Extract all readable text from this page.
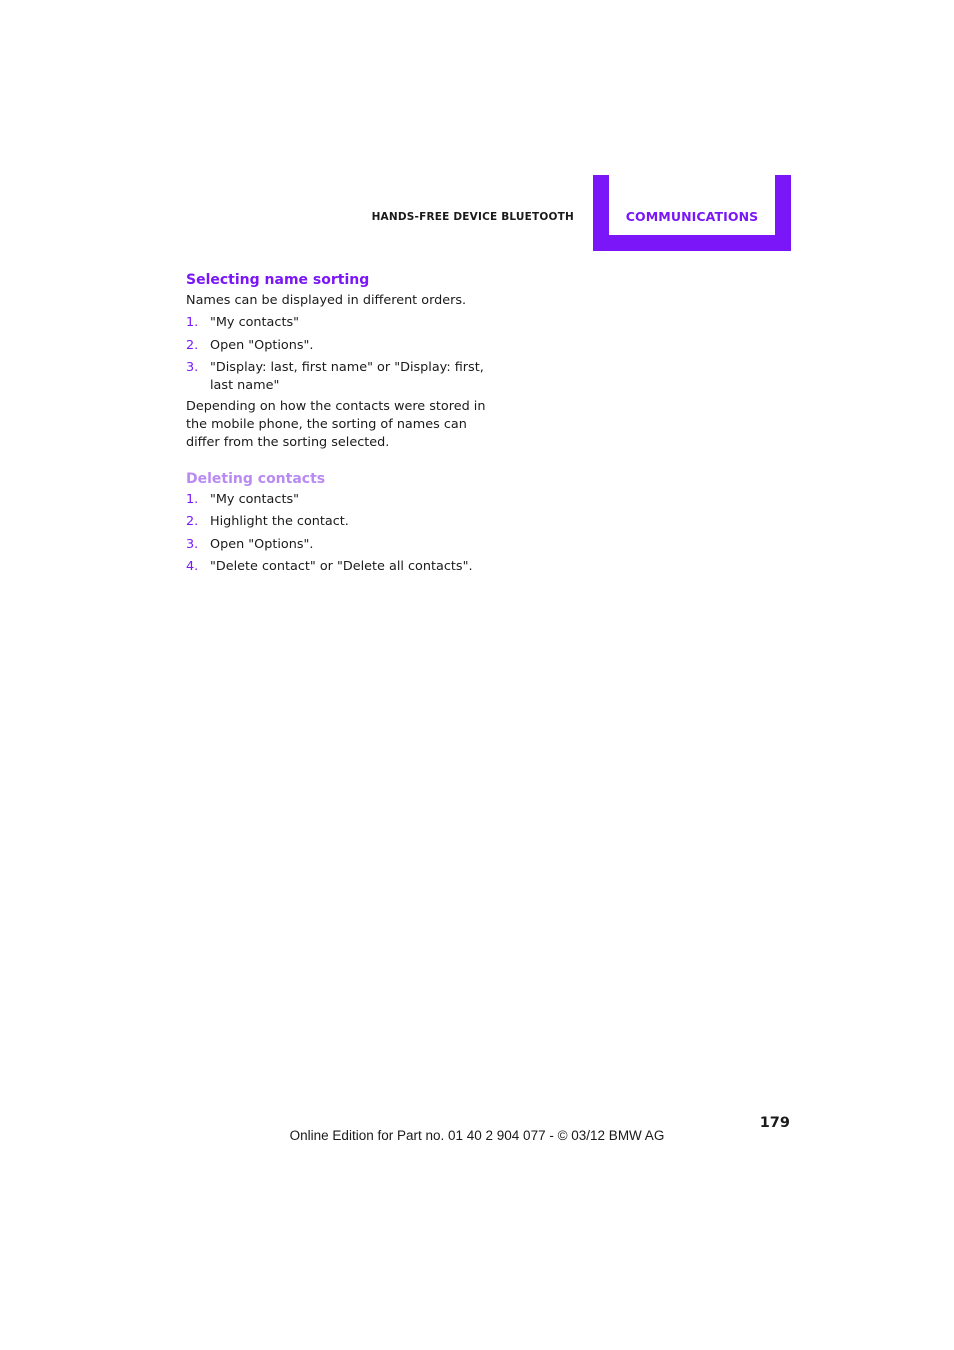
HANDS-FREE DEVICE BLUETOOTH	COMMUNICATIONS
Selecting name sorting

Names can be displayed in different orders.

1. "My contacts"
2. Open "Options".
3. "Display: last, first name" or "Display: first, last name"

Depending on how the contacts were stored in the mobile phone, the sorting of names can differ from the sorting selected.

Deleting contacts
1. "My contacts"
2. Highlight the contact.
3. Open "Options".
4. "Delete contact" or "Delete all contacts".
179
Online Edition for Part no. 01 40 2 904 077 - © 03/12 BMW AG
